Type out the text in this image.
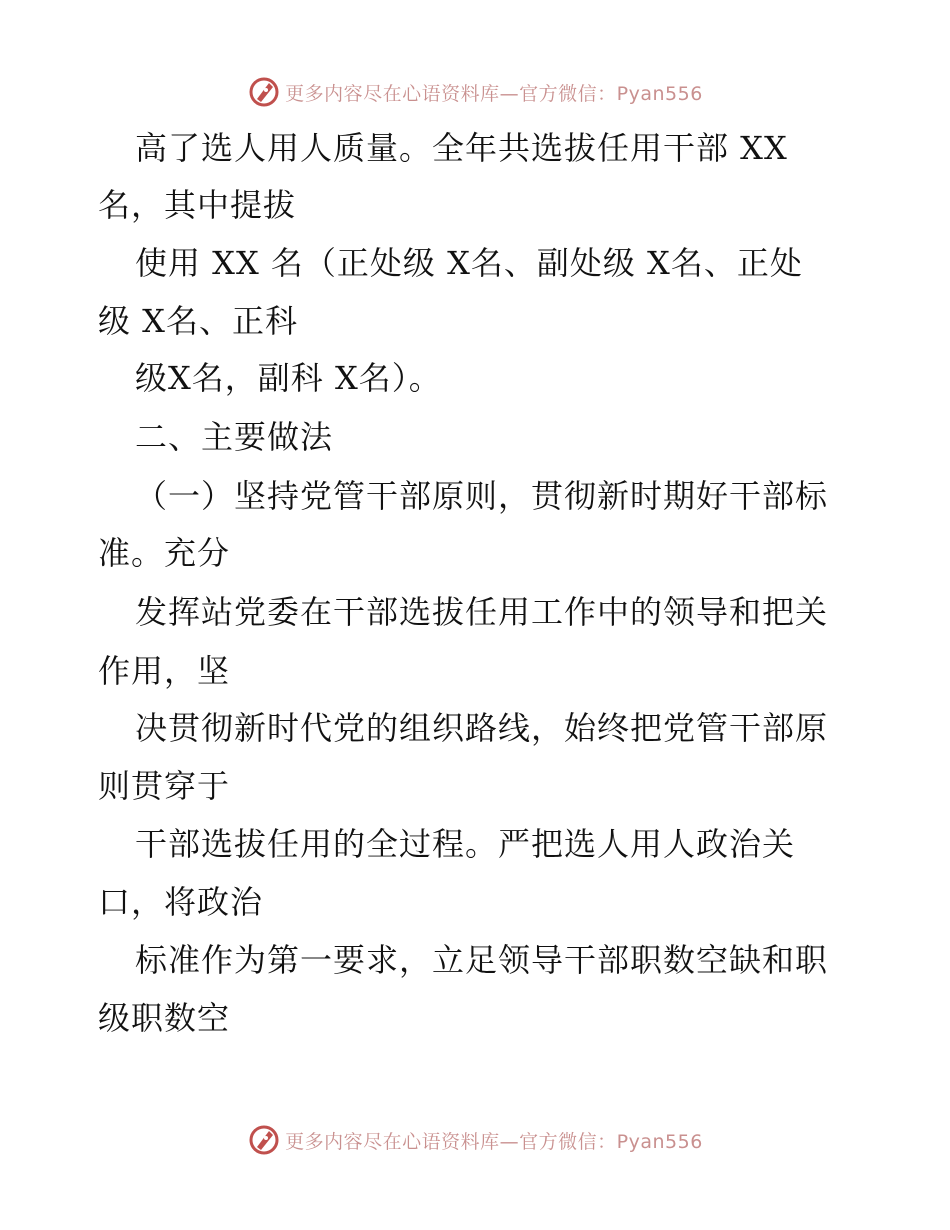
更多内容尽在心语资料库—官方微信：Pyan556
高了选人用人质量。全年共选拔任用干部 XX
名，其中提拔
使用 XX 名（正处级 X名、副处级 X名、正处
级 X名、正科
级X名，副科 X名）。
二、主要做法
（一）坚持党管干部原则，贯彻新时期好干部标
准。充分
发挥站党委在干部选拔任用工作中的领导和把关
作用，坚
决贯彻新时代党的组织路线，始终把党管干部原
则贯穿于
干部选拔任用的全过程。严把选人用人政治关
口，将政治
标准作为第一要求，立足领导干部职数空缺和职
级职数空
更多内容尽在心语资料库—官方微信：Pyan556
